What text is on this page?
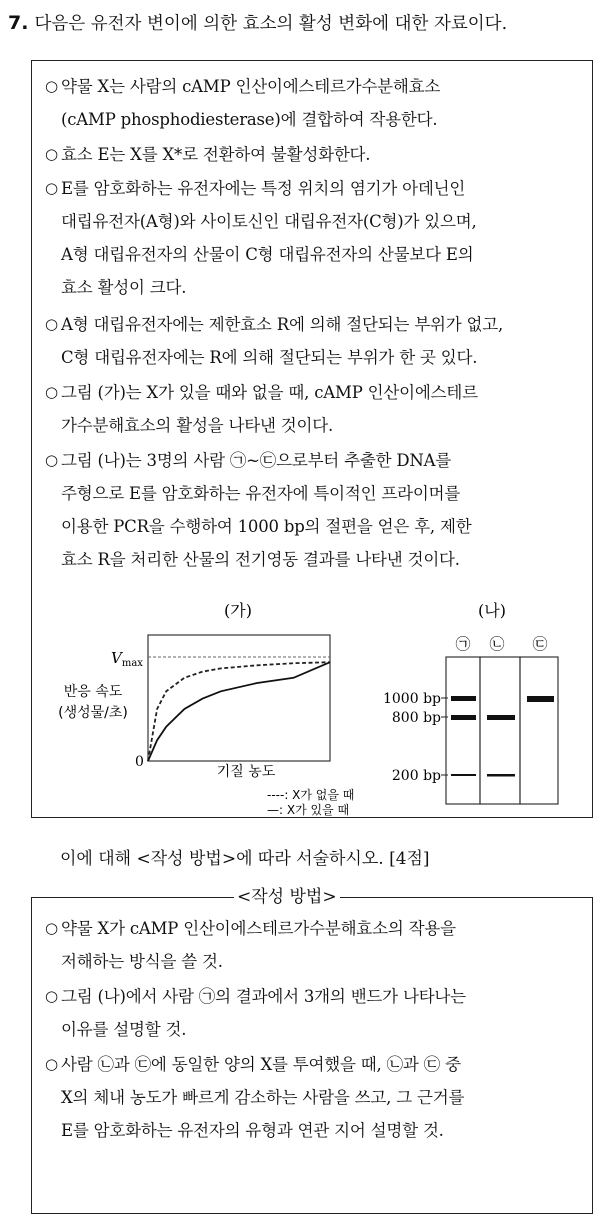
7. 다음은 유전자 변이에 의한 효소의 활성 변화에 대한 자료이다.
○ 약물 X는 사람의 cAMP 인산이에스테르가수분해효소
(cAMP phosphodiesterase)에 결합하여 작용한다.
○ 효소 E는 X를 X*로 전환하여 불활성화한다.
○ E를 암호화하는 유전자에는 특정 위치의 염기가 아데닌인
대립유전자(A형)와 사이토신인 대립유전자(C형)가 있으며,
A형 대립유전자의 산물이 C형 대립유전자의 산물보다 E의
효소 활성이 크다.
○ A형 대립유전자에는 제한효소 R에 의해 절단되는 부위가 없고,
C형 대립유전자에는 R에 의해 절단되는 부위가 한 곳 있다.
○ 그림 (가)는 X가 있을 때와 없을 때, cAMP 인산이에스테르
가수분해효소의 활성을 나타낸 것이다.
○ 그림 (나)는 3명의 사람 ㉠~㉢으로부터 추출한 DNA를
주형으로 E를 암호화하는 유전자에 특이적인 프라이머를
이용한 PCR을 수행하여 1000 bp의 절편을 얻은 후, 제한
효소 R을 처리한 산물의 전기영동 결과를 나타낸 것이다.
(가)
$V_{max}$
반응 속도
(생성물/초)
0
기질 농도
----: X가 없을 때
—: X가 있을 때
(나)
㉠ ㉡ ㉢
1000 bp
800 bp
200 bp
이에 대해 <작성 방법>에 따라 서술하시오. [4점]
<작성 방법>
○ 약물 X가 cAMP 인산이에스테르가수분해효소의 작용을
저해하는 방식을 쓸 것.
○ 그림 (나)에서 사람 ㉠의 결과에서 3개의 밴드가 나타나는
이유를 설명할 것.
○ 사람 ㉡과 ㉢에 동일한 양의 X를 투여했을 때, ㉡과 ㉢ 중
X의 체내 농도가 빠르게 감소하는 사람을 쓰고, 그 근거를
E를 암호화하는 유전자의 유형과 연관 지어 설명할 것.
